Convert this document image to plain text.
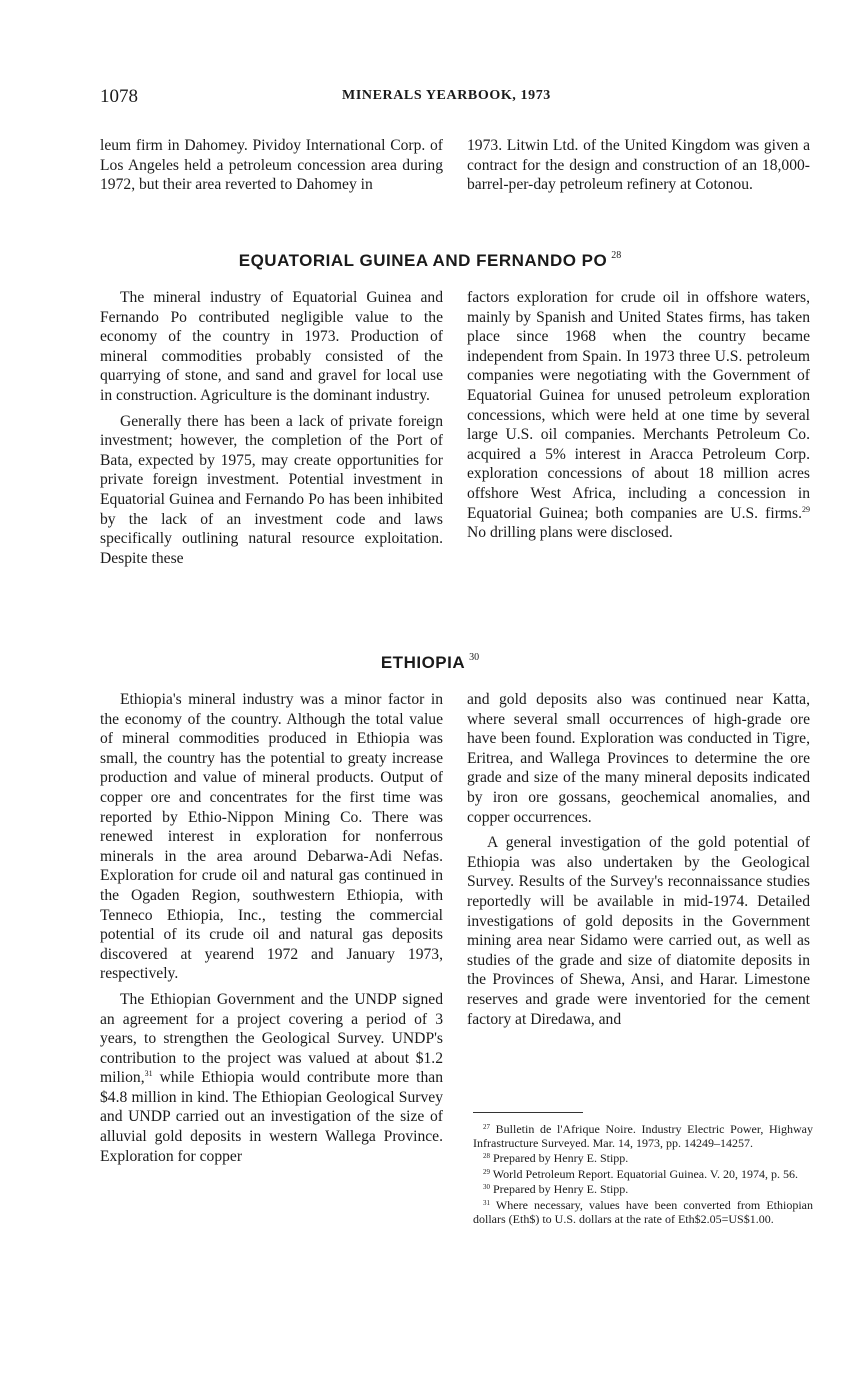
1078	MINERALS YEARBOOK, 1973

leum firm in Dahomey. Pividoy International Corp. of Los Angeles held a petroleum concession area during 1972, but their area reverted to Dahomey in

1973. Litwin Ltd. of the United Kingdom was given a contract for the design and construction of an 18,000-barrel-per-day petroleum refinery at Cotonou.

EQUATORIAL GUINEA AND FERNANDO PO $^{28}$

The mineral industry of Equatorial Guinea and Fernando Po contributed negligible value to the economy of the country in 1973. Production of mineral commodities probably consisted of the quarrying of stone, and sand and gravel for local use in construction. Agriculture is the dominant industry.

Generally there has been a lack of private foreign investment; however, the completion of the Port of Bata, expected by 1975, may create opportunities for private foreign investment. Potential investment in Equatorial Guinea and Fernando Po has been inhibited by the lack of an investment code and laws specifically outlining natural resource exploitation. Despite these

factors exploration for crude oil in offshore waters, mainly by Spanish and United States firms, has taken place since 1968 when the country became independent from Spain. In 1973 three U.S. petroleum companies were negotiating with the Government of Equatorial Guinea for unused petroleum exploration concessions, which were held at one time by several large U.S. oil companies. Merchants Petroleum Co. acquired a 5% interest in Aracca Petroleum Corp. exploration concessions of about 18 million acres offshore West Africa, including a concession in Equatorial Guinea; both companies are U.S. firms.$^{29}$ No drilling plans were disclosed.

ETHIOPIA $^{30}$

Ethiopia's mineral industry was a minor factor in the economy of the country. Although the total value of mineral commodities produced in Ethiopia was small, the country has the potential to greaty increase production and value of mineral products. Output of copper ore and concentrates for the first time was reported by Ethio-Nippon Mining Co. There was renewed interest in exploration for nonferrous minerals in the area around Debarwa-Adi Nefas. Exploration for crude oil and natural gas continued in the Ogaden Region, southwestern Ethiopia, with Tenneco Ethiopia, Inc., testing the commercial potential of its crude oil and natural gas deposits discovered at yearend 1972 and January 1973, respectively.

The Ethiopian Government and the UNDP signed an agreement for a project covering a period of 3 years, to strengthen the Geological Survey. UNDP's contribution to the project was valued at about $1.2 milion,$^{31}$ while Ethiopia would contribute more than $4.8 million in kind. The Ethiopian Geological Survey and UNDP carried out an investigation of the size of alluvial gold deposits in western Wallega Province. Exploration for copper

and gold deposits also was continued near Katta, where several small occurrences of high-grade ore have been found. Exploration was conducted in Tigre, Eritrea, and Wallega Provinces to determine the ore grade and size of the many mineral deposits indicated by iron ore gossans, geochemical anomalies, and copper occurrences.

A general investigation of the gold potential of Ethiopia was also undertaken by the Geological Survey. Results of the Survey's reconnaissance studies reportedly will be available in mid-1974. Detailed investigations of gold deposits in the Government mining area near Sidamo were carried out, as well as studies of the grade and size of diatomite deposits in the Provinces of Shewa, Ansi, and Harar. Limestone reserves and grade were inventoried for the cement factory at Diredawa, and

$^{27}$ Bulletin de l'Afrique Noire. Industry Electric Power, Highway Infrastructure Surveyed. Mar. 14, 1973, pp. 14249–14257.

$^{28}$ Prepared by Henry E. Stipp.

$^{29}$ World Petroleum Report. Equatorial Guinea. V. 20, 1974, p. 56.

$^{30}$ Prepared by Henry E. Stipp.

$^{31}$ Where necessary, values have been converted from Ethiopian dollars (Eth$) to U.S. dollars at the rate of Eth$2.05=US$1.00.
